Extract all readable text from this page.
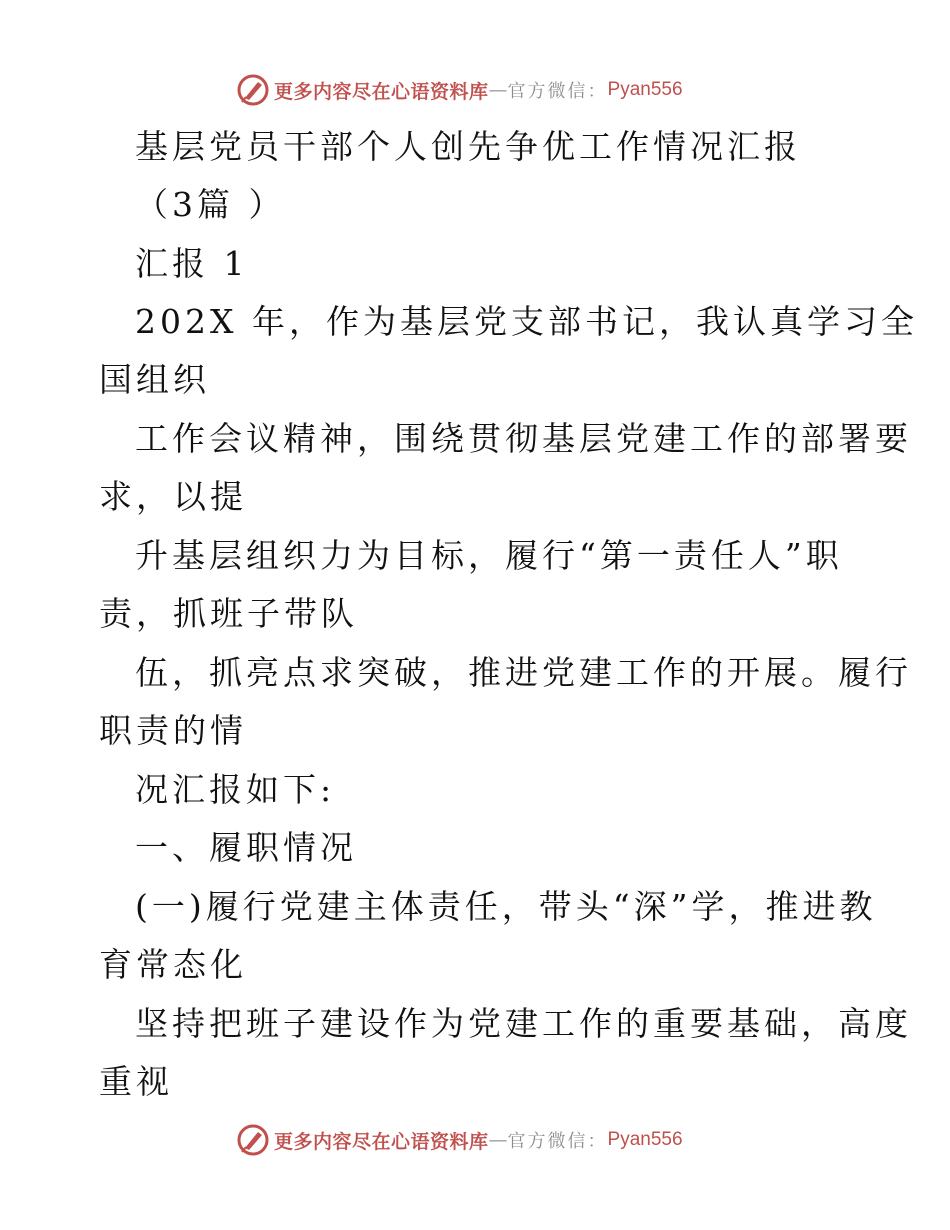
更多内容尽在心语资料库 — 官方微信： Pyan556
基层党员干部个人创先争优工作情况汇报
（3篇 ）
汇报 1
202X 年，作为基层党支部书记，我认真学习全
国组织
工作会议精神，围绕贯彻基层党建工作的部署要
求，以提
升基层组织力为目标，履行“第一责任人”职
责，抓班子带队
伍，抓亮点求突破，推进党建工作的开展。履行
职责的情
况汇报如下:
一、履职情况
(一)履行党建主体责任，带头“深”学，推进教
育常态化
坚持把班子建设作为党建工作的重要基础，高度
重视
更多内容尽在心语资料库 — 官方微信： Pyan556
